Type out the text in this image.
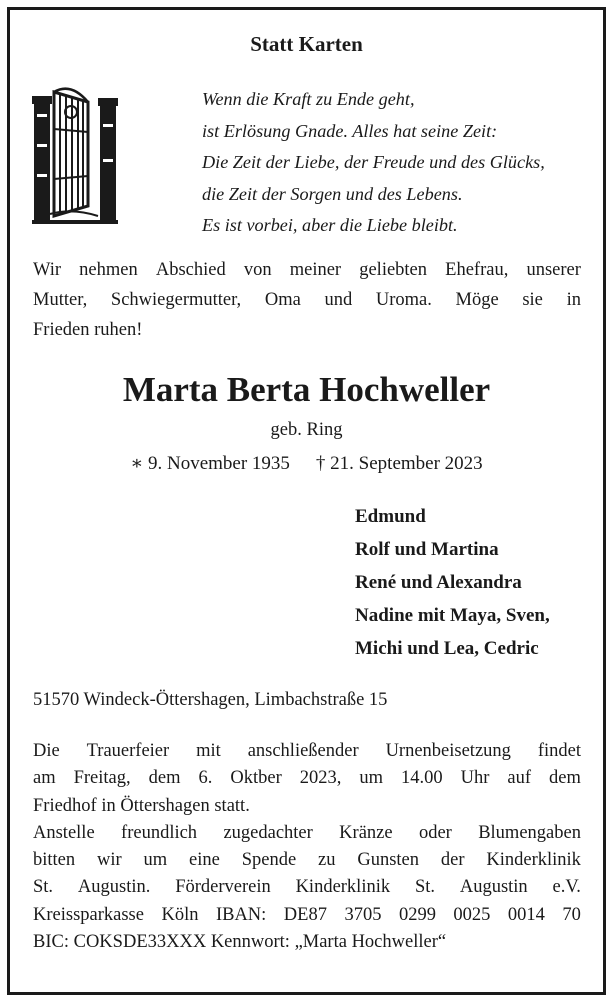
Statt Karten
Wenn die Kraft zu Ende geht,
ist Erlösung Gnade. Alles hat seine Zeit:
Die Zeit der Liebe, der Freude und des Glücks,
die Zeit der Sorgen und des Lebens.
Es ist vorbei, aber die Liebe bleibt.
Wir nehmen Abschied von meiner geliebten Ehefrau, unserer
Mutter, Schwiegermutter, Oma und Uroma. Möge sie in
Frieden ruhen!
Marta Berta Hochweller
geb. Ring
∗ 9. November 1935 † 21. September 2023
Edmund
Rolf und Martina
René und Alexandra
Nadine mit Maya, Sven,
Michi und Lea, Cedric
51570 Windeck-Öttershagen, Limbachstraße 15
Die Trauerfeier mit anschließender Urnenbeisetzung findet
am Freitag, dem 6. Oktber 2023, um 14.00 Uhr auf dem
Friedhof in Öttershagen statt.
Anstelle freundlich zugedachter Kränze oder Blumengaben
bitten wir um eine Spende zu Gunsten der Kinderklinik
St. Augustin. Förderverein Kinderklinik St. Augustin e.V.
Kreissparkasse Köln IBAN: DE87 3705 0299 0025 0014 70
BIC: COKSDE33XXX Kennwort: „Marta Hochweller“
